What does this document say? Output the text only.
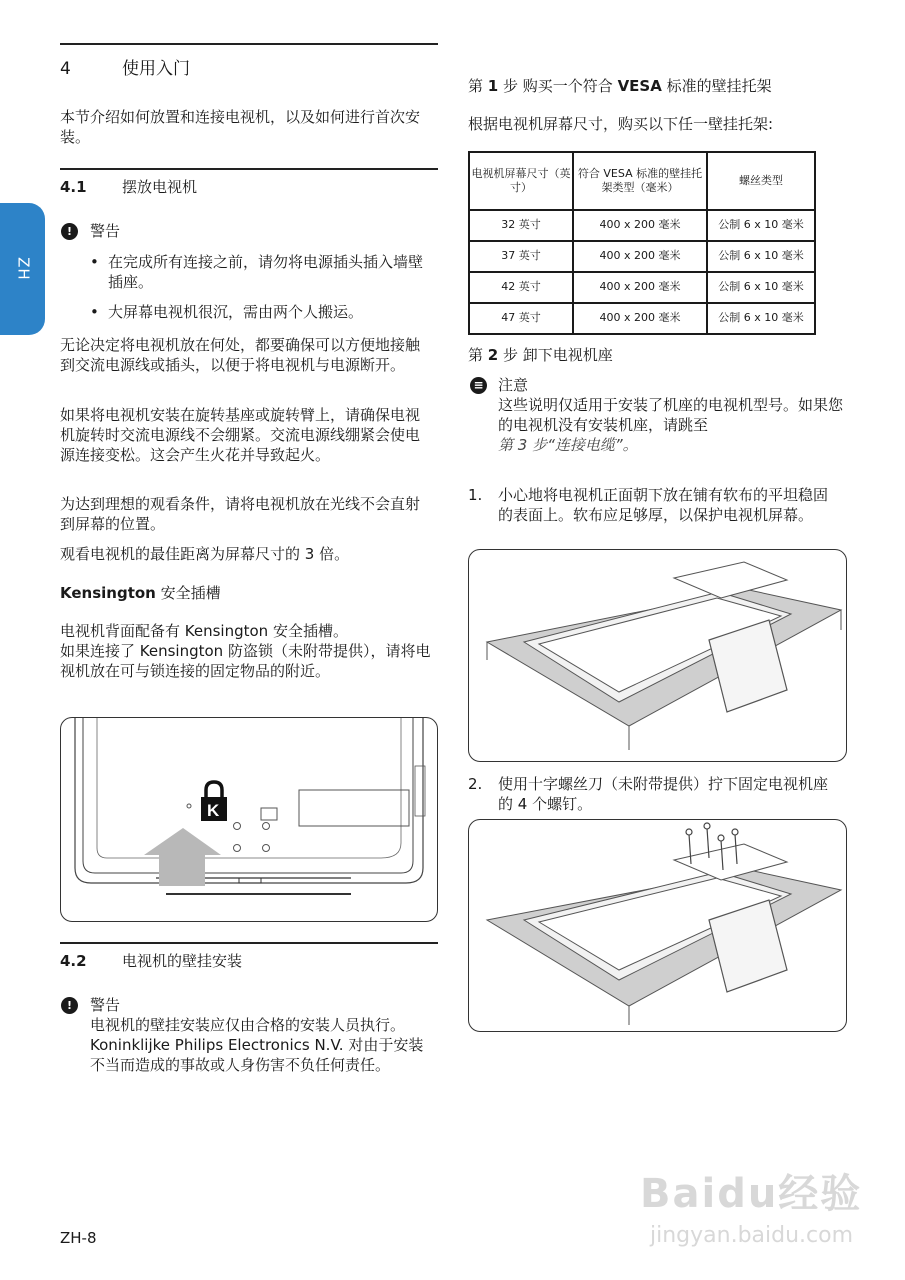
ZH
4	使用入门

本节介绍如何放置和连接电视机，以及如何进行首次安装。

4.1 摆放电视机
!	警告
• 在完成所有连接之前，请勿将电源插头插入墙壁插座。
• 大屏幕电视机很沉，需由两个人搬运。

无论决定将电视机放在何处，都要确保可以方便地接触到交流电源线或插头，以便于将电视机与电源断开。

如果将电视机安装在旋转基座或旋转臂上，请确保电视机旋转时交流电源线不会绷紧。交流电源线绷紧会使电源连接变松。这会产生火花并导致起火。

为达到理想的观看条件，请将电视机放在光线不会直射到屏幕的位置。

观看电视机的最佳距离为屏幕尺寸的 3 倍。

Kensington 安全插槽

电视机背面配备有 Kensington 安全插槽。

如果连接了 Kensington 防盗锁（未附带提供），请将电视机放在可与锁连接的固定物品的附近。

K
4.2 电视机的壁挂安装
!	警告

电视机的壁挂安装应仅由合格的安装人员执行。Koninklijke Philips Electronics N.V. 对由于安装不当而造成的事故或人身伤害不负任何责任。

ZH-8
第 1 步 购买一个符合 VESA 标准的壁挂托架
根据电视机屏幕尺寸，购买以下任一壁挂托架:
电视机屏幕尺寸（英寸）	符合 VESA 标准的壁挂托架类型（毫米）	螺丝类型
32 英寸	400 x 200 毫米	公制 6 x 10 毫米
37 英寸	400 x 200 毫米	公制 6 x 10 毫米
42 英寸	400 x 200 毫米	公制 6 x 10 毫米
47 英寸	400 x 200 毫米	公制 6 x 10 毫米
第 2 步 卸下电视机座
≡ 注意

这些说明仅适用于安装了机座的电视机型号。如果您的电视机没有安装机座，请跳至

第 3 步“连接电缆”。

1. 小心地将电视机正面朝下放在铺有软布的平坦稳固的表面上。软布应足够厚，以保护电视机屏幕。
2. 使用十字螺丝刀（未附带提供）拧下固定电视机座的 4 个螺钉。
Baidu经验
jingyan.baidu.com
